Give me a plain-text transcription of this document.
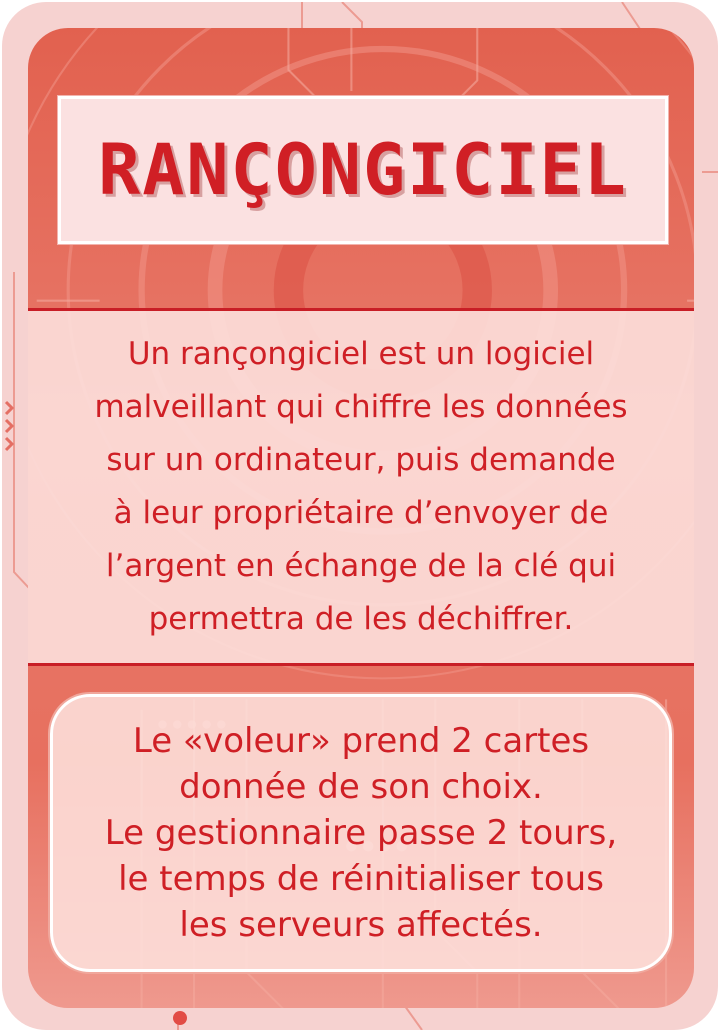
RANÇONGICIEL

Un rançongiciel est un logiciel
malveillant qui chiffre les données
sur un ordinateur, puis demande
à leur propriétaire d’envoyer de
l’argent en échange de la clé qui
permettra de les déchiffrer.

Le «voleur» prend 2 cartes
donnée de son choix.
Le gestionnaire passe 2 tours,
le temps de réinitialiser tous
les serveurs affectés.
